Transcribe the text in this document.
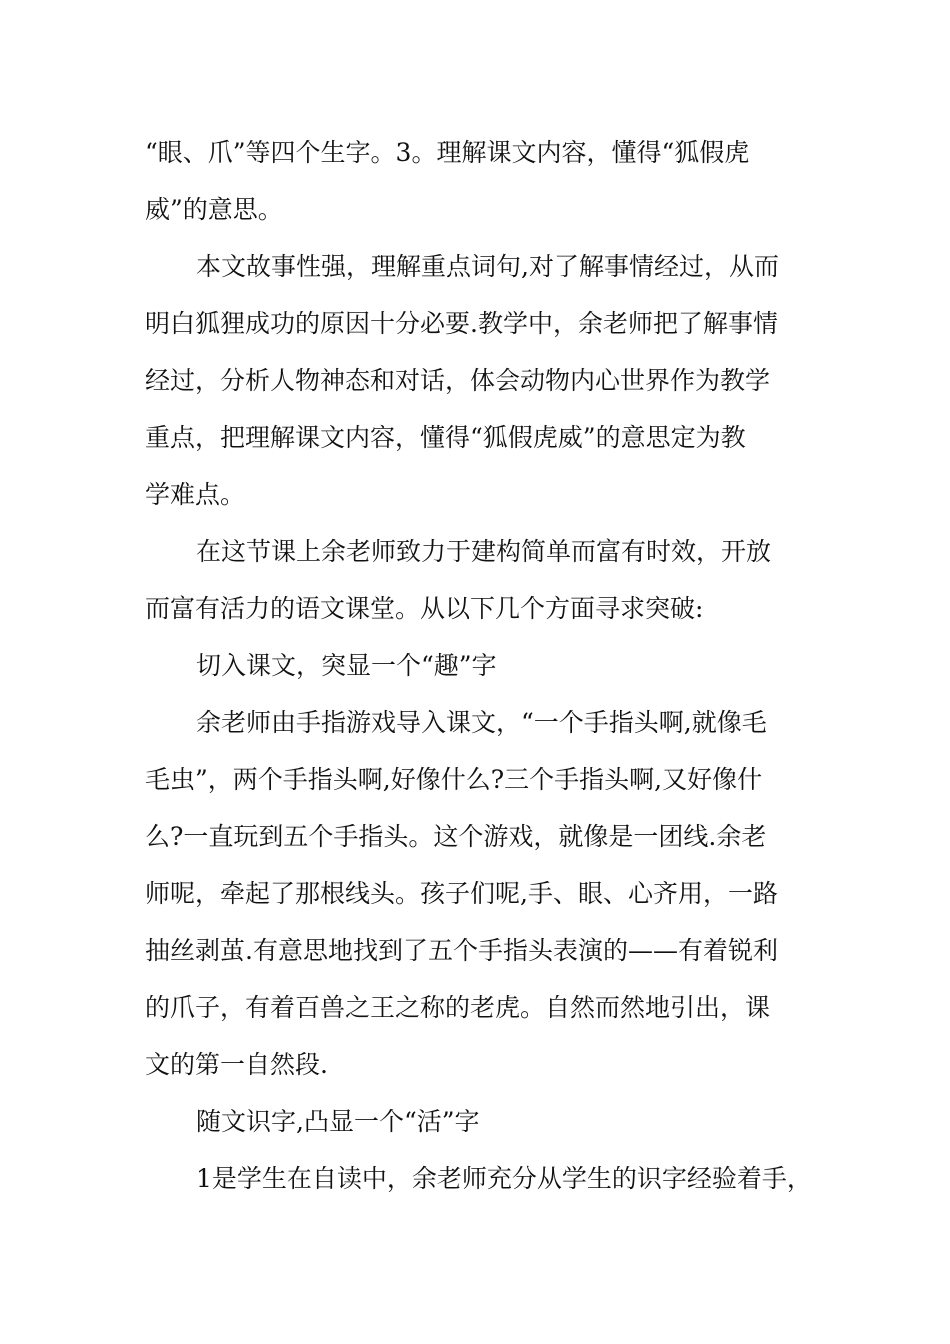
“眼、爪”等四个生字。3。理解课文内容，懂得“狐假虎

威”的意思。

本文故事性强，理解重点词句,对了解事情经过，从而

明白狐狸成功的原因十分必要.教学中，余老师把了解事情

经过，分析人物神态和对话，体会动物内心世界作为教学

重点，把理解课文内容，懂得“狐假虎威”的意思定为教

学难点。

在这节课上余老师致力于建构简单而富有时效，开放

而富有活力的语文课堂。从以下几个方面寻求突破:

切入课文，突显一个“趣”字

余老师由手指游戏导入课文，“一个手指头啊,就像毛

毛虫”，两个手指头啊,好像什么?三个手指头啊,又好像什

么?一直玩到五个手指头。这个游戏，就像是一团线.余老

师呢，牵起了那根线头。孩子们呢,手、眼、心齐用，一路

抽丝剥茧.有意思地找到了五个手指头表演的——有着锐利

的爪子，有着百兽之王之称的老虎。自然而然地引出，课

文的第一自然段.

随文识字,凸显一个“活”字

1是学生在自读中，余老师充分从学生的识字经验着手，
